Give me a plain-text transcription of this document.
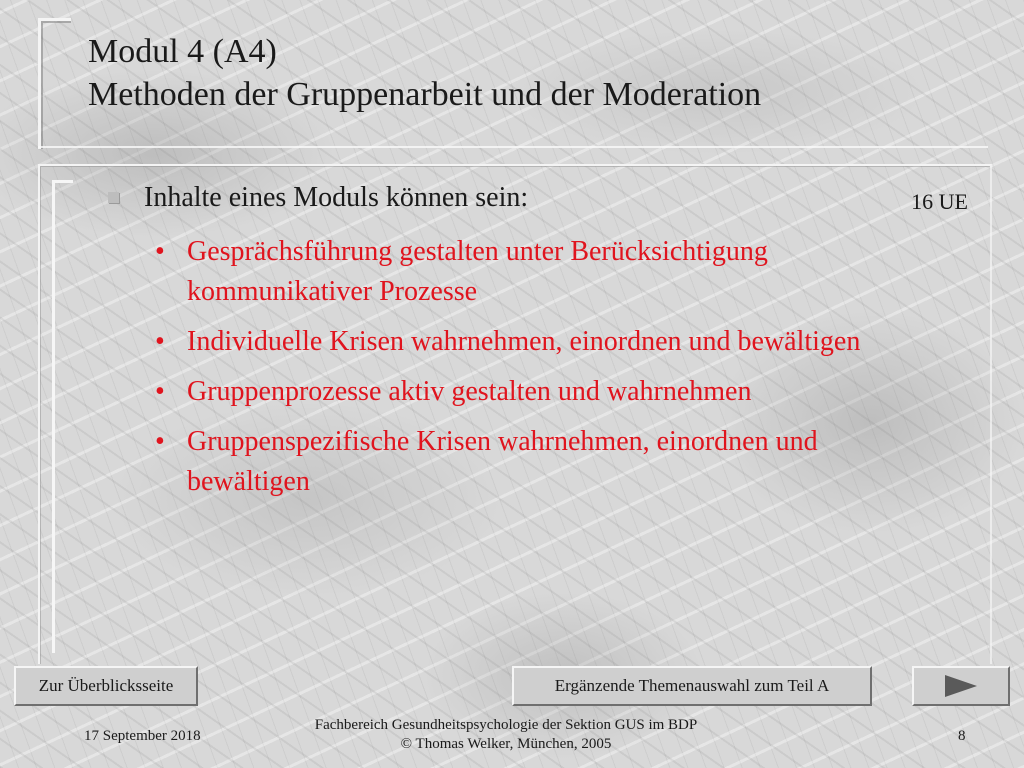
Modul 4 (A4)
Methoden der Gruppenarbeit und der Moderation
Inhalte eines Moduls können sein:	16 UE
• Gesprächsführung gestalten unter Berücksichtigung kommunikativer Prozesse
• Individuelle Krisen wahrnehmen, einordnen und bewältigen
• Gruppenprozesse aktiv gestalten und wahrnehmen
• Gruppenspezifische Krisen wahrnehmen, einordnen und bewältigen
Zur Überblicksseite	Ergänzende Themenauswahl zum Teil A
17 September 2018
Fachbereich Gesundheitspsychologie der Sektion GUS im BDP
© Thomas Welker, München, 2005	8
